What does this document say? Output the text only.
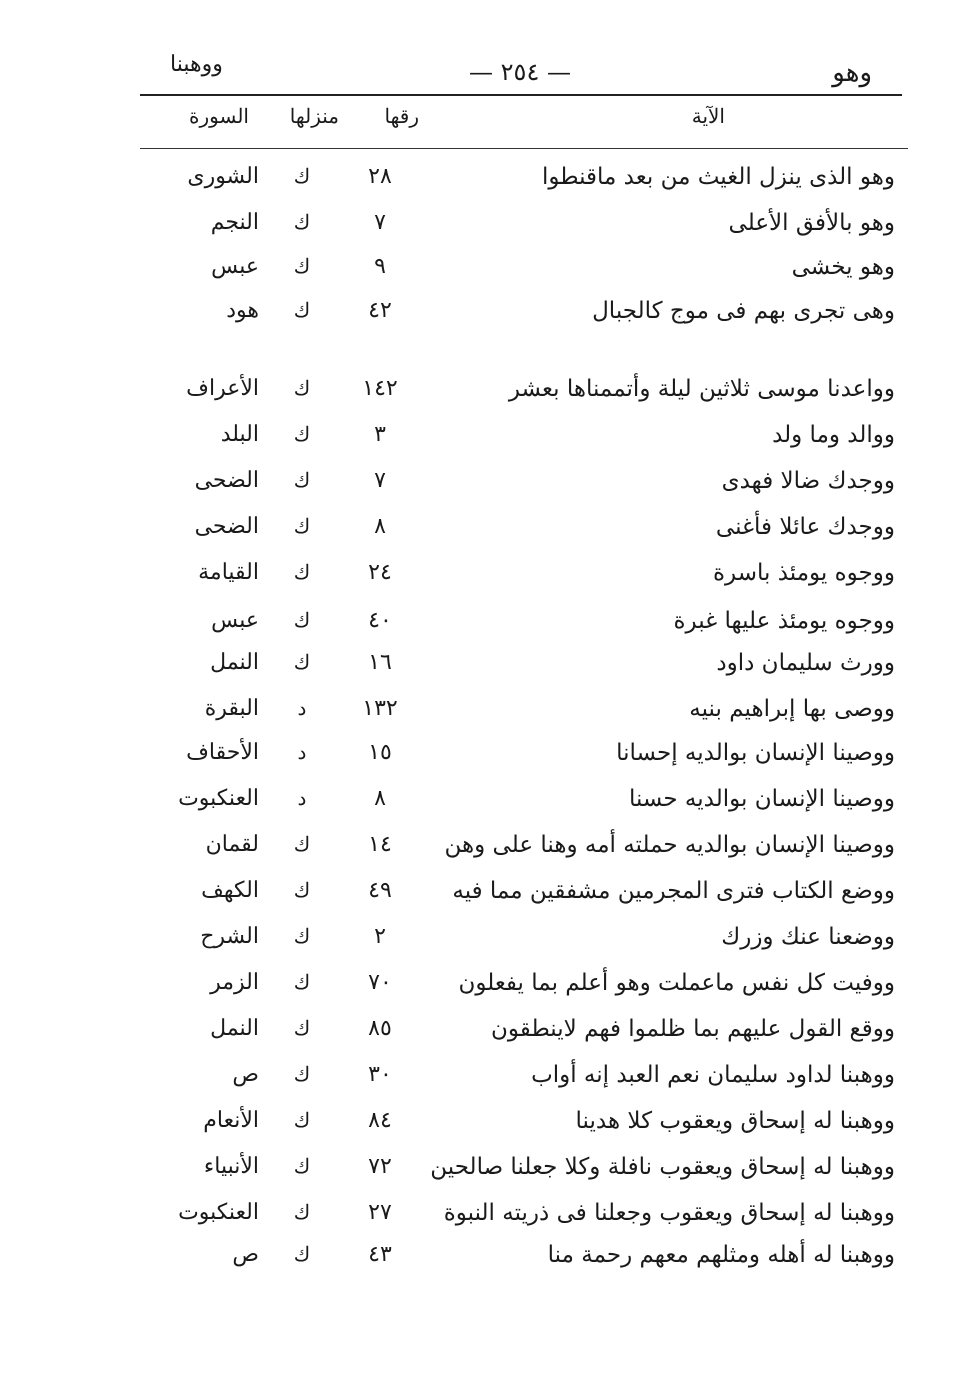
وهو
— ٢٥٤ —
ووهبنا
الآية
رقها
منزلها
السورة
وهو الذى ينزل الغيث من بعد ماقنطوا
٢٨
ك
الشورى
وهو بالأفق الأعلى
٧
ك
النجم
وهو يخشى
٩
ك
عبس
وهى تجرى بهم فى موج كالجبال
٤٢
ك
هود
وواعدنا موسى ثلاثين ليلة وأتممناها بعشر
١٤٢
ك
الأعراف
ووالد وما ولد
٣
ك
البلد
ووجدك ضالا فهدى
٧
ك
الضحى
ووجدك عائلا فأغنى
٨
ك
الضحى
ووجوه يومئذ باسرة
٢٤
ك
القيامة
ووجوه يومئذ عليها غبرة
٤٠
ك
عبس
وورث سليمان داود
١٦
ك
النمل
ووصى بها إبراهيم بنيه
١٣٢
د
البقرة
ووصينا الإنسان بوالديه إحسانا
١٥
د
الأحقاف
ووصينا الإنسان بوالديه حسنا
٨
د
العنكبوت
ووصينا الإنسان بوالديه حملته أمه وهنا على وهن
١٤
ك
لقمان
ووضع الكتاب فترى المجرمين مشفقين مما فيه
٤٩
ك
الكهف
ووضعنا عنك وزرك
٢
ك
الشرح
ووفيت كل نفس ماعملت وهو أعلم بما يفعلون
٧٠
ك
الزمر
ووقع القول عليهم بما ظلموا فهم لاينطقون
٨٥
ك
النمل
ووهبنا لداود سليمان نعم العبد إنه أواب
٣٠
ك
ص
ووهبنا له إسحاق ويعقوب كلا هدينا
٨٤
ك
الأنعام
ووهبنا له إسحاق ويعقوب نافلة وكلا جعلنا صالحين
٧٢
ك
الأنبياء
ووهبنا له إسحاق ويعقوب وجعلنا فى ذريته النبوة
٢٧
ك
العنكبوت
ووهبنا له أهله ومثلهم معهم رحمة منا
٤٣
ك
ص
